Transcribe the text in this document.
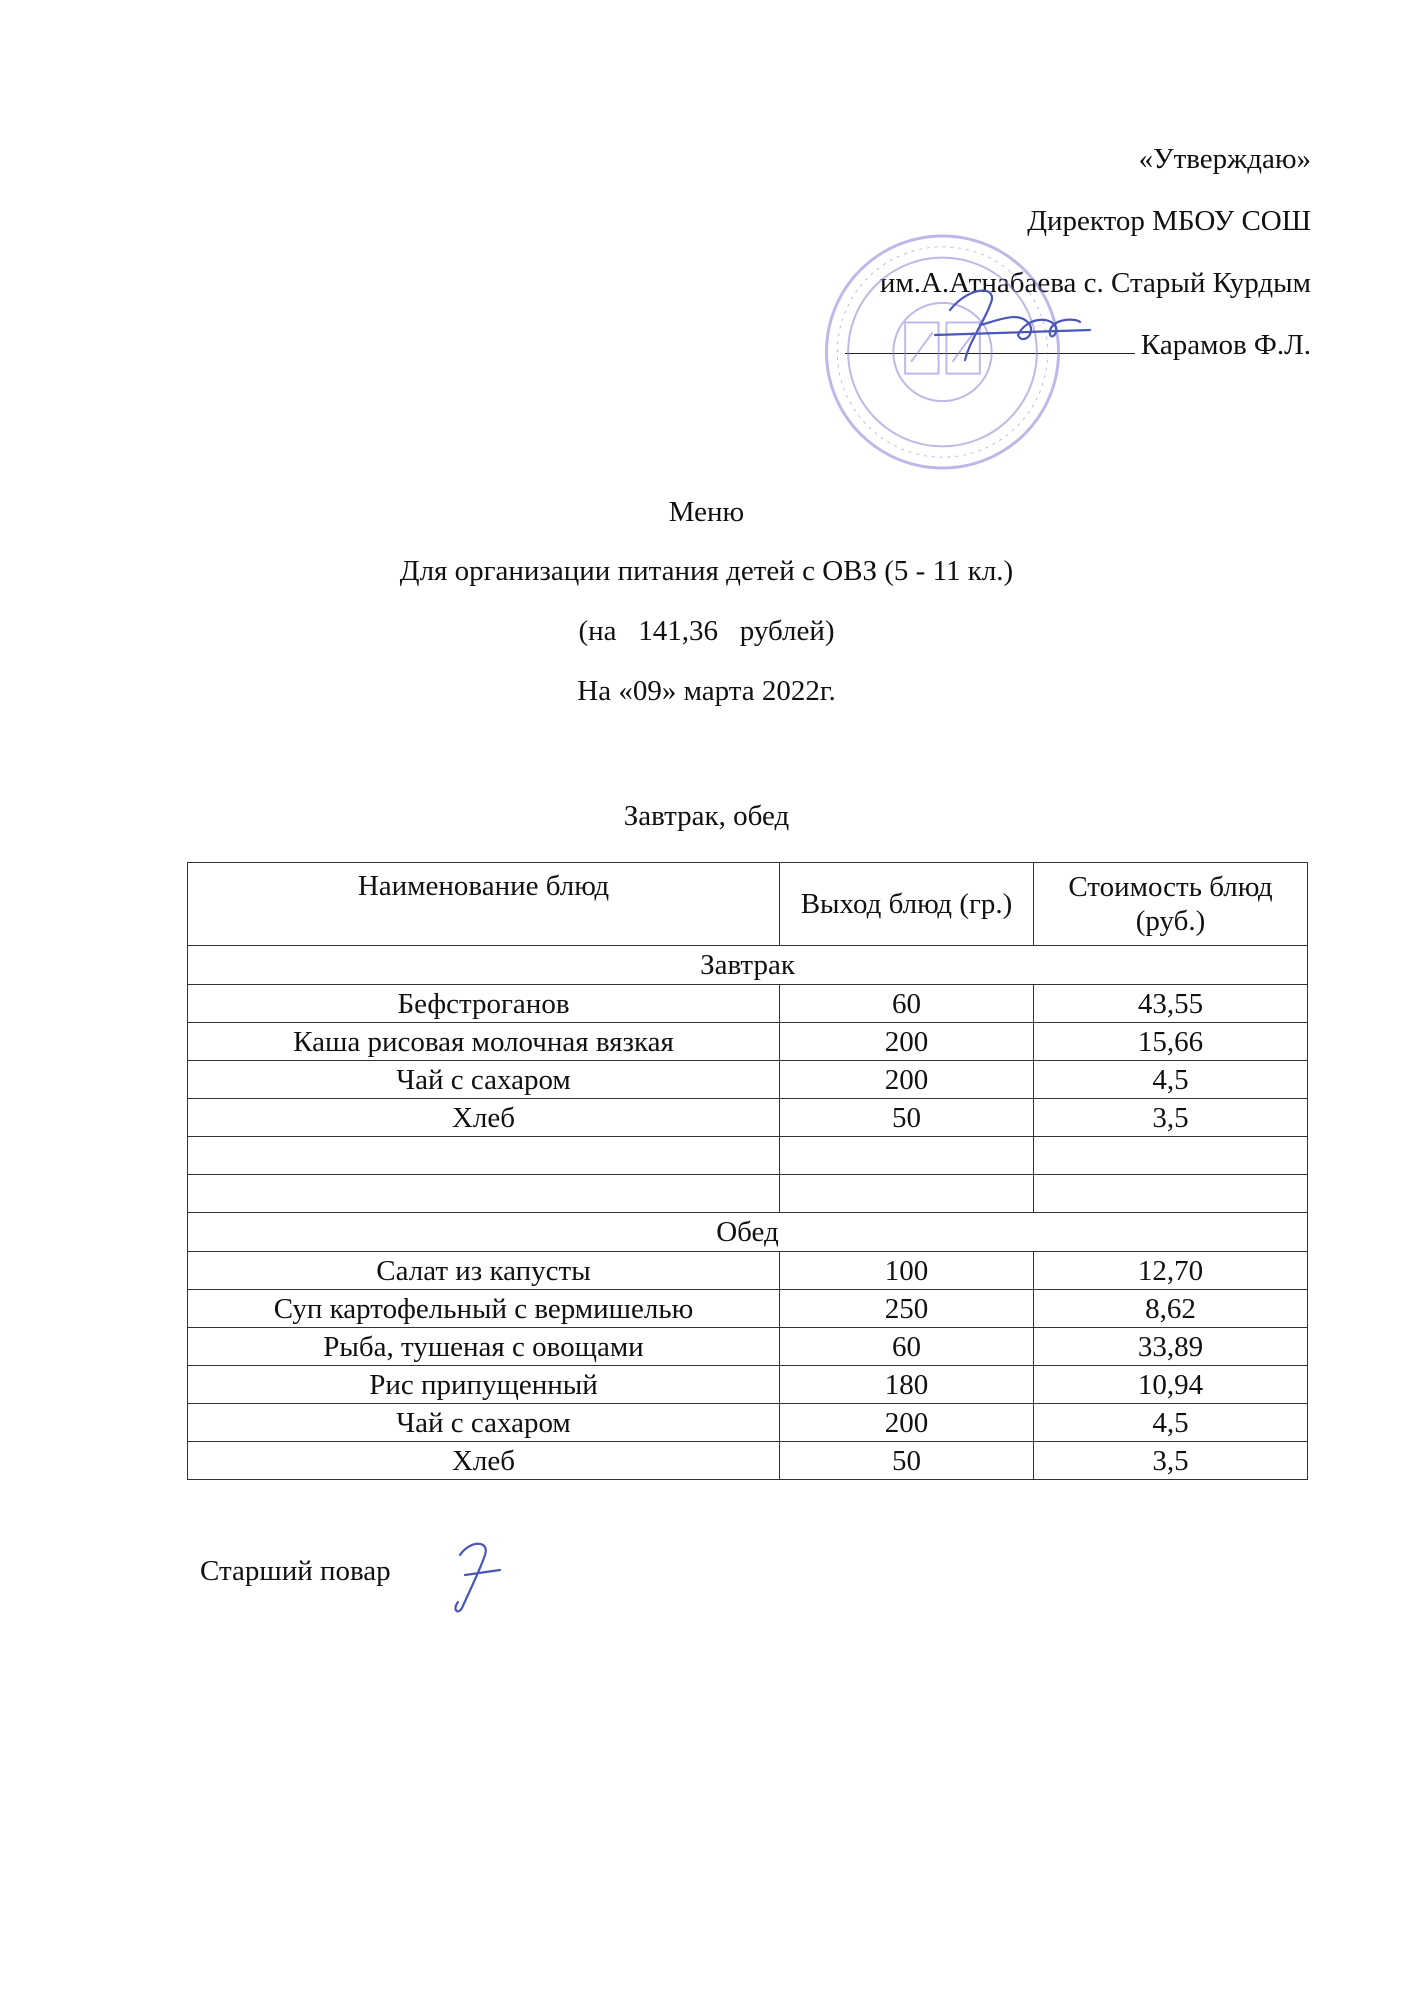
«Утверждаю»
Директор МБОУ СОШ
им.А.Атнабаева с. Старый Курдым
Карамов Ф.Л.
Меню
Для организации питания детей с ОВЗ (5 - 11 кл.)
(на   141,36   рублей)
На «09» марта 2022г.
Завтрак, обед
Наименование блюд	Выход блюд (гр.)	Стоимость блюд (руб.)
Завтрак		
Бефстроганов	60	43,55
Каша рисовая молочная вязкая	200	15,66
Чай с сахаром	200	4,5
Хлеб	50	3,5

Обед		
Салат из капусты	100	12,70
Суп картофельный с вермишелью	250	8,62
Рыба, тушеная с овощами	60	33,89
Рис припущенный	180	10,94
Чай с сахаром	200	4,5
Хлеб	50	3,5
Старший повар
